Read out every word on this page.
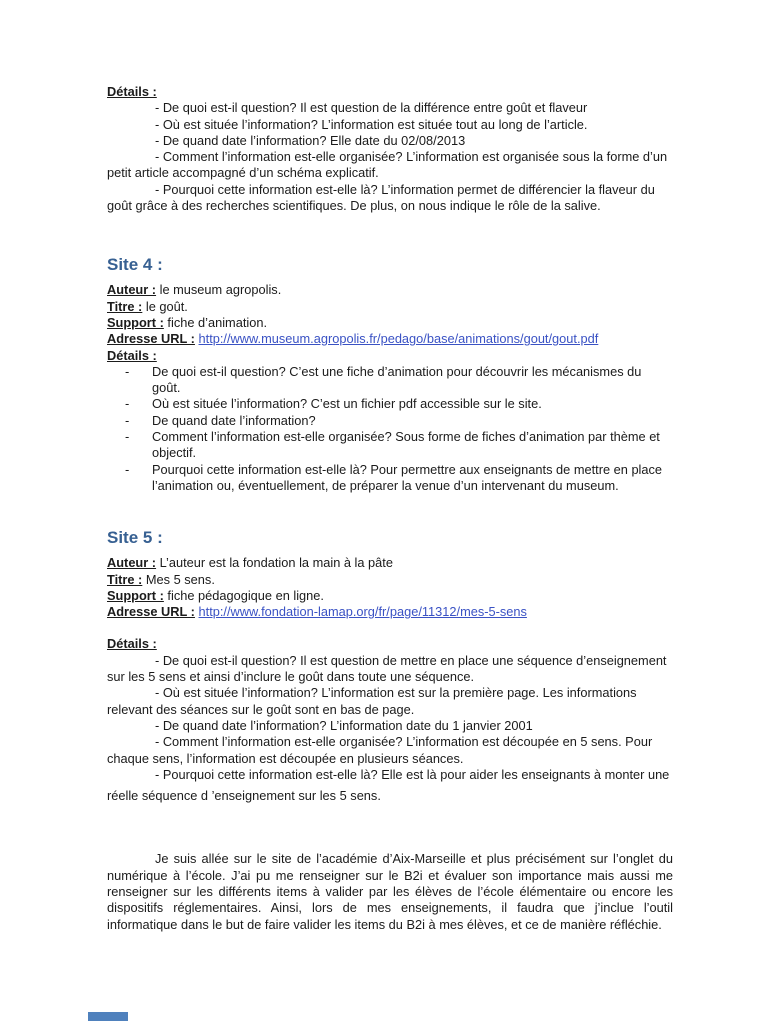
Détails :

- De quoi est-il question? Il est question de la différence entre goût et flaveur

- Où est située l’information? L’information est située tout au long de l’article.

- De quand date l’information? Elle date du 02/08/2013

- Comment l’information est-elle organisée? L’information est organisée sous la forme d’un petit article accompagné d’un schéma explicatif.

- Pourquoi cette information est-elle là? L’information permet de différencier la flaveur du goût grâce à des recherches scientifiques. De plus, on nous indique le rôle de la salive.

Site 4 :

Auteur : le museum agropolis.

Titre : le goût.

Support : fiche d’animation.

Adresse URL : http://www.museum.agropolis.fr/pedago/base/animations/gout/gout.pdf

Détails :

- De quoi est-il question? C’est une fiche d’animation pour découvrir les mécanismes du goût.
- Où est située l’information? C’est un fichier pdf accessible sur le site.
- De quand date l’information?
- Comment l’information est-elle organisée? Sous forme de fiches d’animation par thème et objectif.
- Pourquoi cette information est-elle là? Pour permettre aux enseignants de mettre en place l’animation ou, éventuellement, de préparer la venue d’un intervenant du museum.
Site 5 :

Auteur : L’auteur est la fondation la main à la pâte

Titre : Mes 5 sens.

Support : fiche pédagogique en ligne.

Adresse URL : http://www.fondation-lamap.org/fr/page/11312/mes-5-sens

Détails :

- De quoi est-il question? Il est question de mettre en place une séquence d’enseignement sur les 5 sens et ainsi d’inclure le goût dans toute une séquence.

- Où est située l’information? L’information est sur la première page. Les informations relevant des séances sur le goût sont en bas de page.

- De quand date l’information? L’information date du 1 janvier 2001

- Comment l’information est-elle organisée? L’information est découpée en 5 sens. Pour chaque sens, l’information est découpée en plusieurs séances.

- Pourquoi cette information est-elle là? Elle est là pour aider les enseignants à monter une

réelle séquence d ’enseignement sur les 5 sens.

Je suis allée sur le site de l’académie d’Aix-Marseille et plus précisément sur l’onglet du numérique à l’école. J’ai pu me renseigner sur le B2i et évaluer son importance mais aussi me renseigner sur les différents items à valider par les élèves de l’école élémentaire ou encore les dispositifs réglementaires. Ainsi, lors de mes enseignements, il faudra que j’inclue l’outil informatique dans le but de faire valider les items du B2i à mes élèves, et ce de manière réfléchie.
